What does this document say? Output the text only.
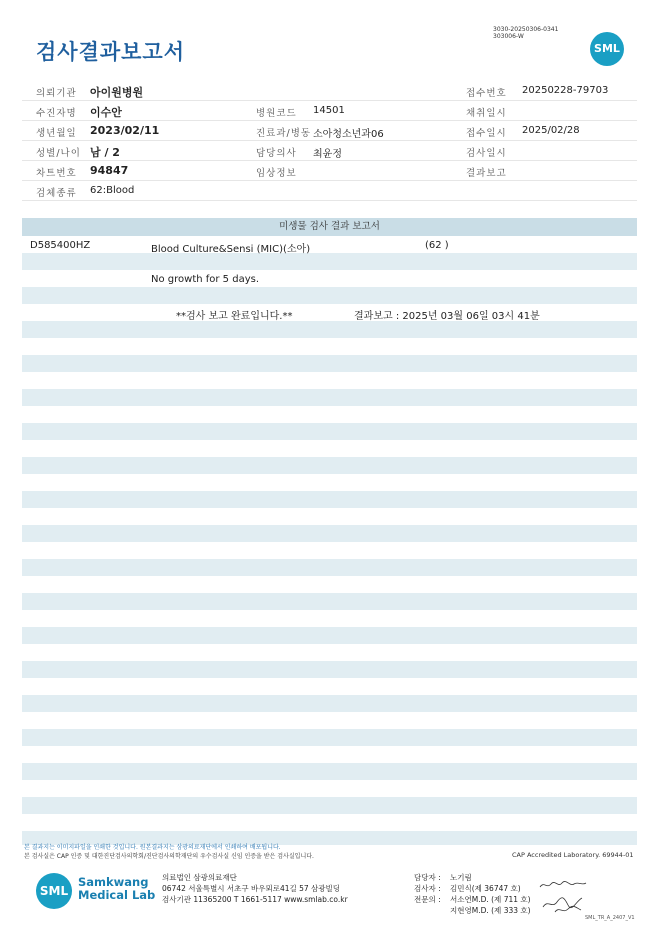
검사결과보고서
3030-20250306-0341
303006-W
SML
의뢰기관 아이원병원	접수번호 20250228-79703
수진자명 이수안	병원코드 14501	채취일시
생년월일 2023/02/11	진료과/병동 소아청소년과06	접수일시 2025/02/28
성별/나이 남 / 2	담당의사 최윤정	검사일시
차트번호 94847	임상정보	결과보고
검체종류 62:Blood
미생물 검사 결과 보고서
D585400HZ	Blood Culture&Sensi (MIC)(소아)	(62 )
No growth for 5 days.
**검사 보고 완료입니다.**	결과보고 : 2025년 03월 06일 03시 41분
본 결과지는 이미지파일을 인쇄한 것입니다. 원본결과지는 삼광의료재단에서 인쇄하여 배포됩니다.
본 검사실은 CAP 인증 및 대한진단검사의학회/진단검사의학재단의 우수검사실 신임 인증을 받은 검사실입니다.	CAP Accredited Laboratory. 69944-01
SML
Samkwang
Medical Lab
의료법인 삼광의료재단
06742 서울특별시 서초구 바우뫼로41길 57 삼광빌딩
검사기관 11365200 T 1661-5117 www.smlab.co.kr
담당자 : 노기림
검사자 : 김민식(제 36747 호)
전문의 : 서소연M.D. (제 711 호)
지현영M.D. (제 333 호)
SML_TR_A_2407_V1
